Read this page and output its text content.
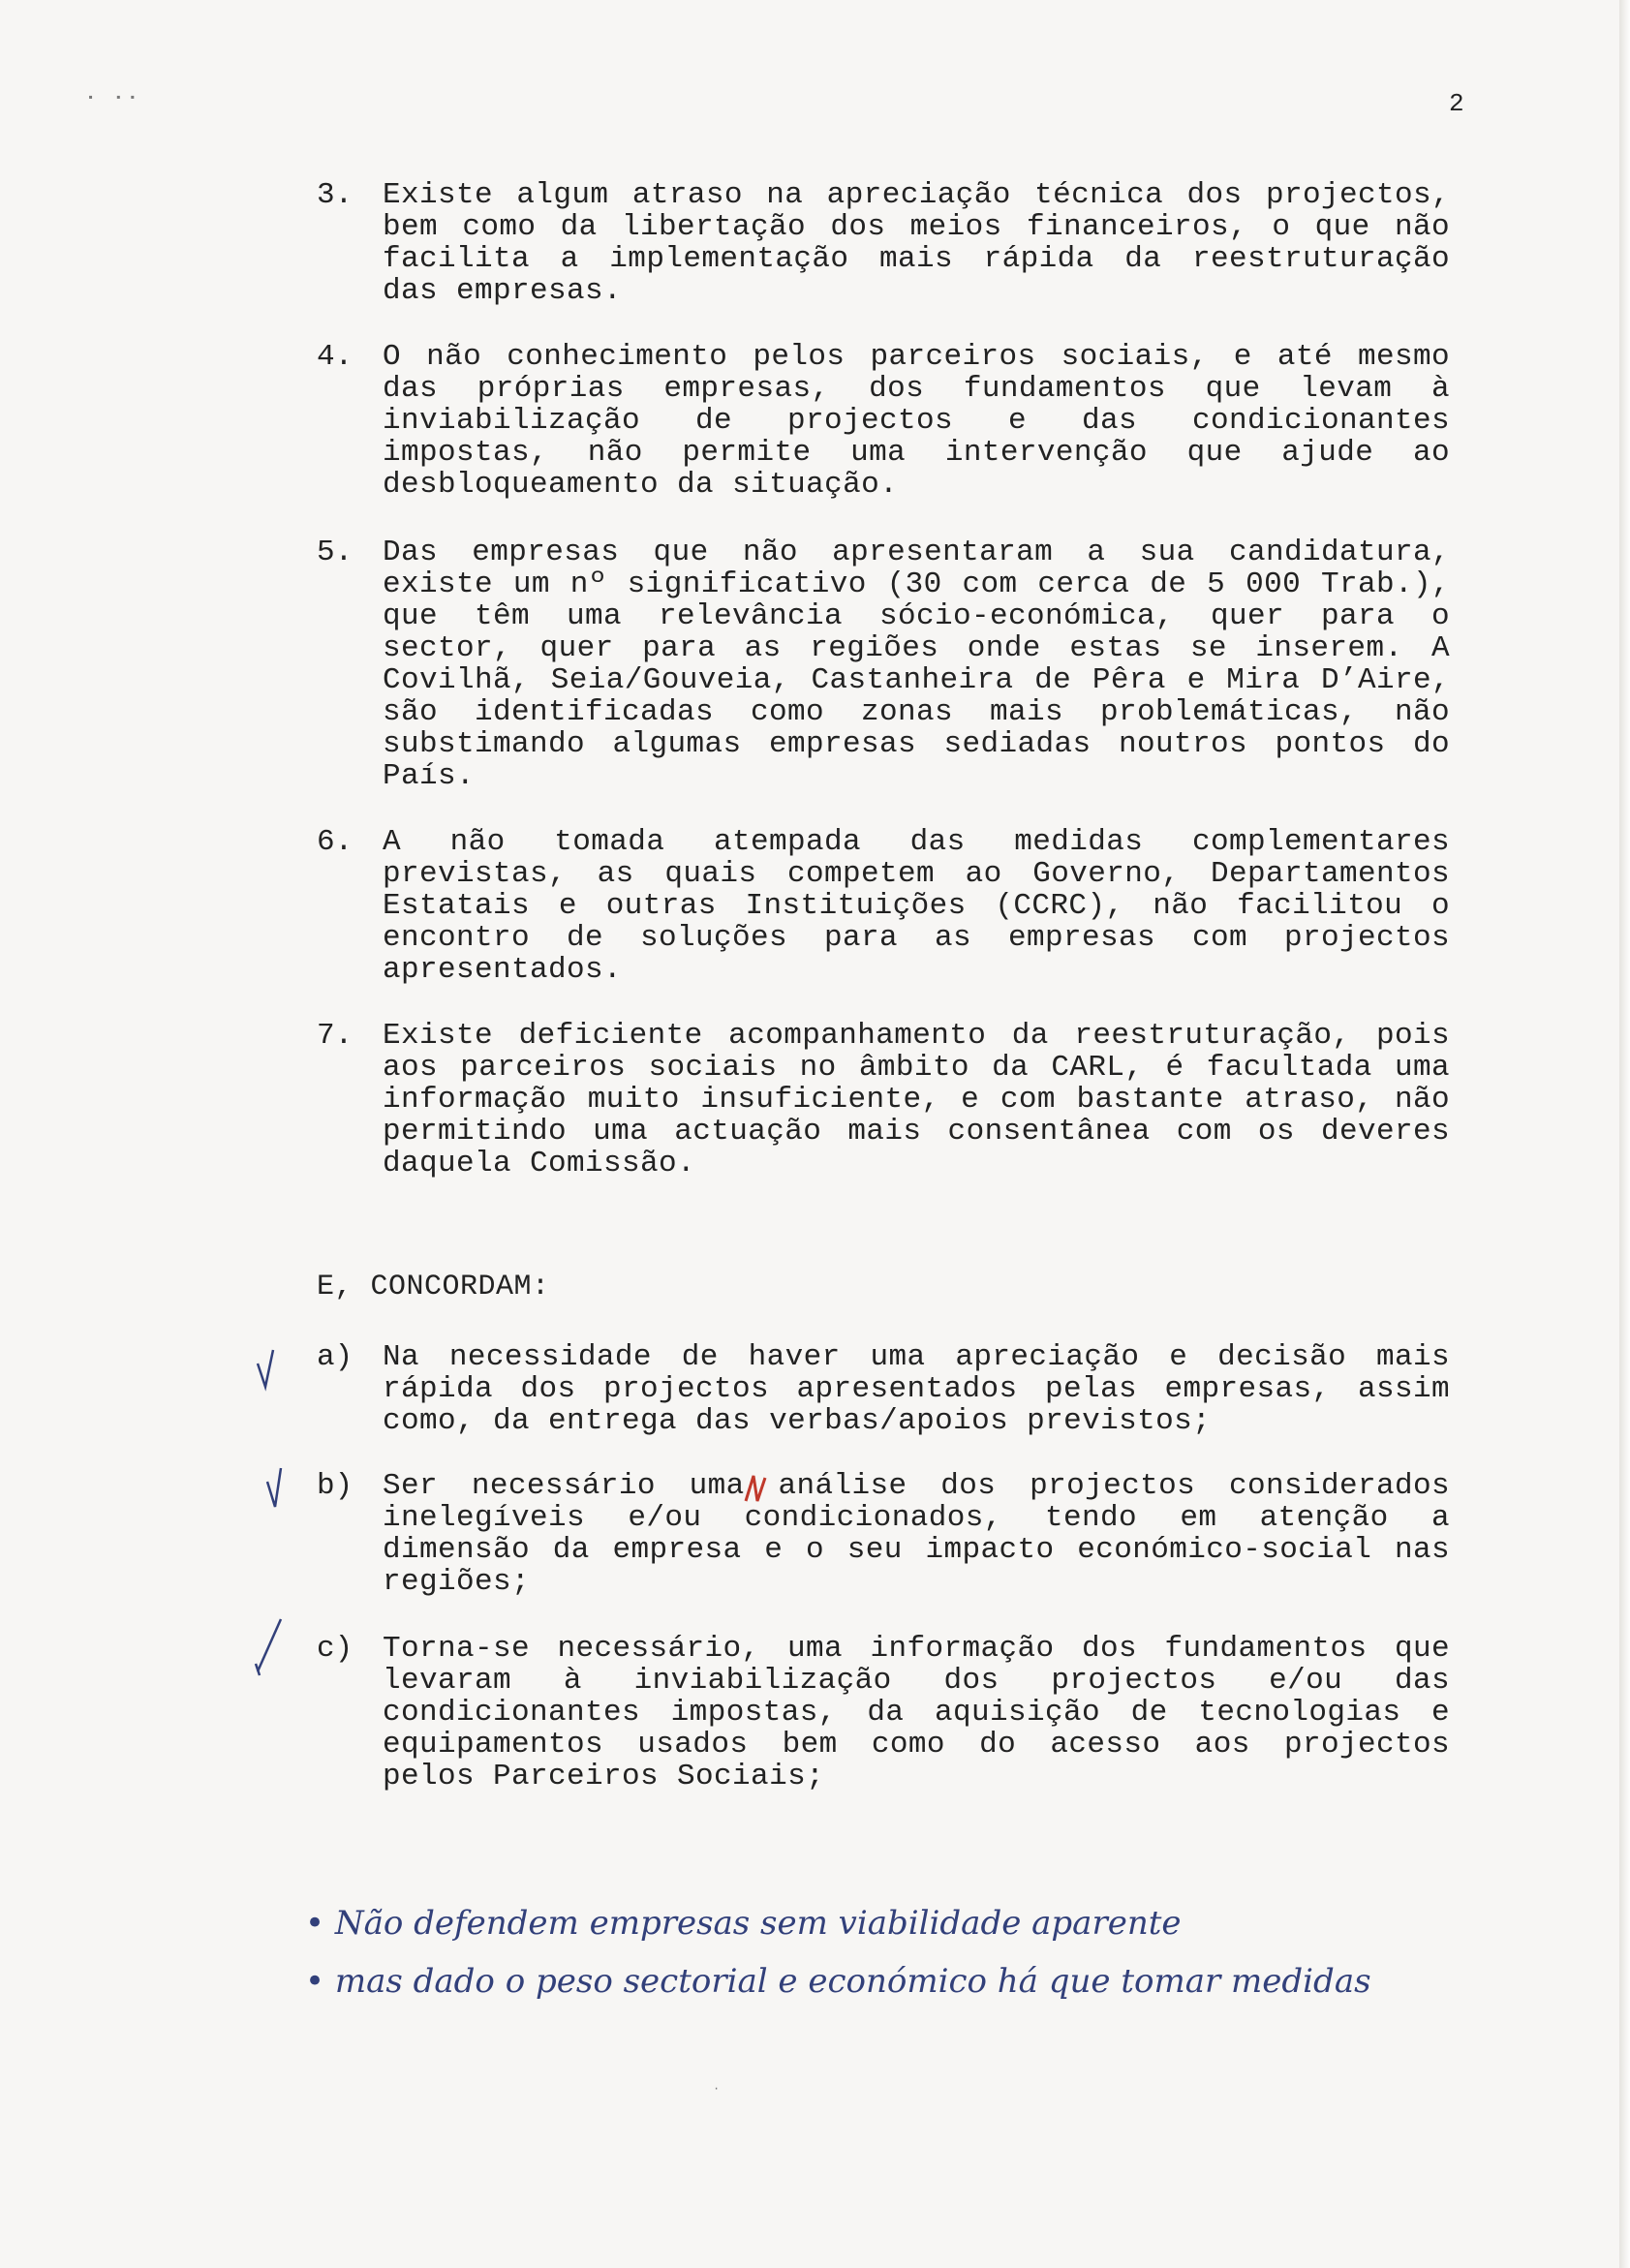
▪   ▪ ▪	2
3. Existe algum atraso na apreciação técnica dos projectos, bem como da libertação dos meios financeiros, o que não facilita a implementação mais rápida da reestruturação das empresas.
4. O não conhecimento pelos parceiros sociais, e até mesmo das próprias empresas, dos fundamentos que levam à inviabilização de projectos e das condicionantes impostas, não permite uma intervenção que ajude ao desbloqueamento da situação.
5. Das empresas que não apresentaram a sua candidatura, existe um nº significativo (30 com cerca de 5 000 Trab.), que têm uma relevância sócio-económica, quer para o sector, quer para as regiões onde estas se inserem. A Covilhã, Seia/Gouveia, Castanheira de Pêra e Mira D’Aire, são identificadas como zonas mais problemáticas, não substimando algumas empresas sediadas noutros pontos do País.
6. A não tomada atempada das medidas complementares previstas, as quais competem ao Governo, Departamentos Estatais e outras Instituições (CCRC), não facilitou o encontro de soluções para as empresas com projectos apresentados.
7. Existe deficiente acompanhamento da reestruturação, pois aos parceiros sociais no âmbito da CARL, é facultada uma informação muito insuficiente, e com bastante atraso, não permitindo uma actuação mais consentânea com os deveres daquela Comissão.
E, CONCORDAM:
a) Na necessidade de haver uma apreciação e decisão mais rápida dos projectos apresentados pelas empresas, assim como, da entrega das verbas/apoios previstos;
b) Ser necessário uma análise dos projectos considerados inelegíveis e/ou condicionados, tendo em atenção a dimensão da empresa e o seu impacto económico-social nas regiões;
c) Torna-se necessário, uma informação dos fundamentos que levaram à inviabilização dos projectos e/ou das condicionantes impostas, da aquisição de tecnologias e equipamentos usados bem como do acesso aos projectos pelos Parceiros Sociais;
• Não defendem empresas sem viabilidade aparente
• mas dado o peso sectorial e económico há que tomar medidas
·
